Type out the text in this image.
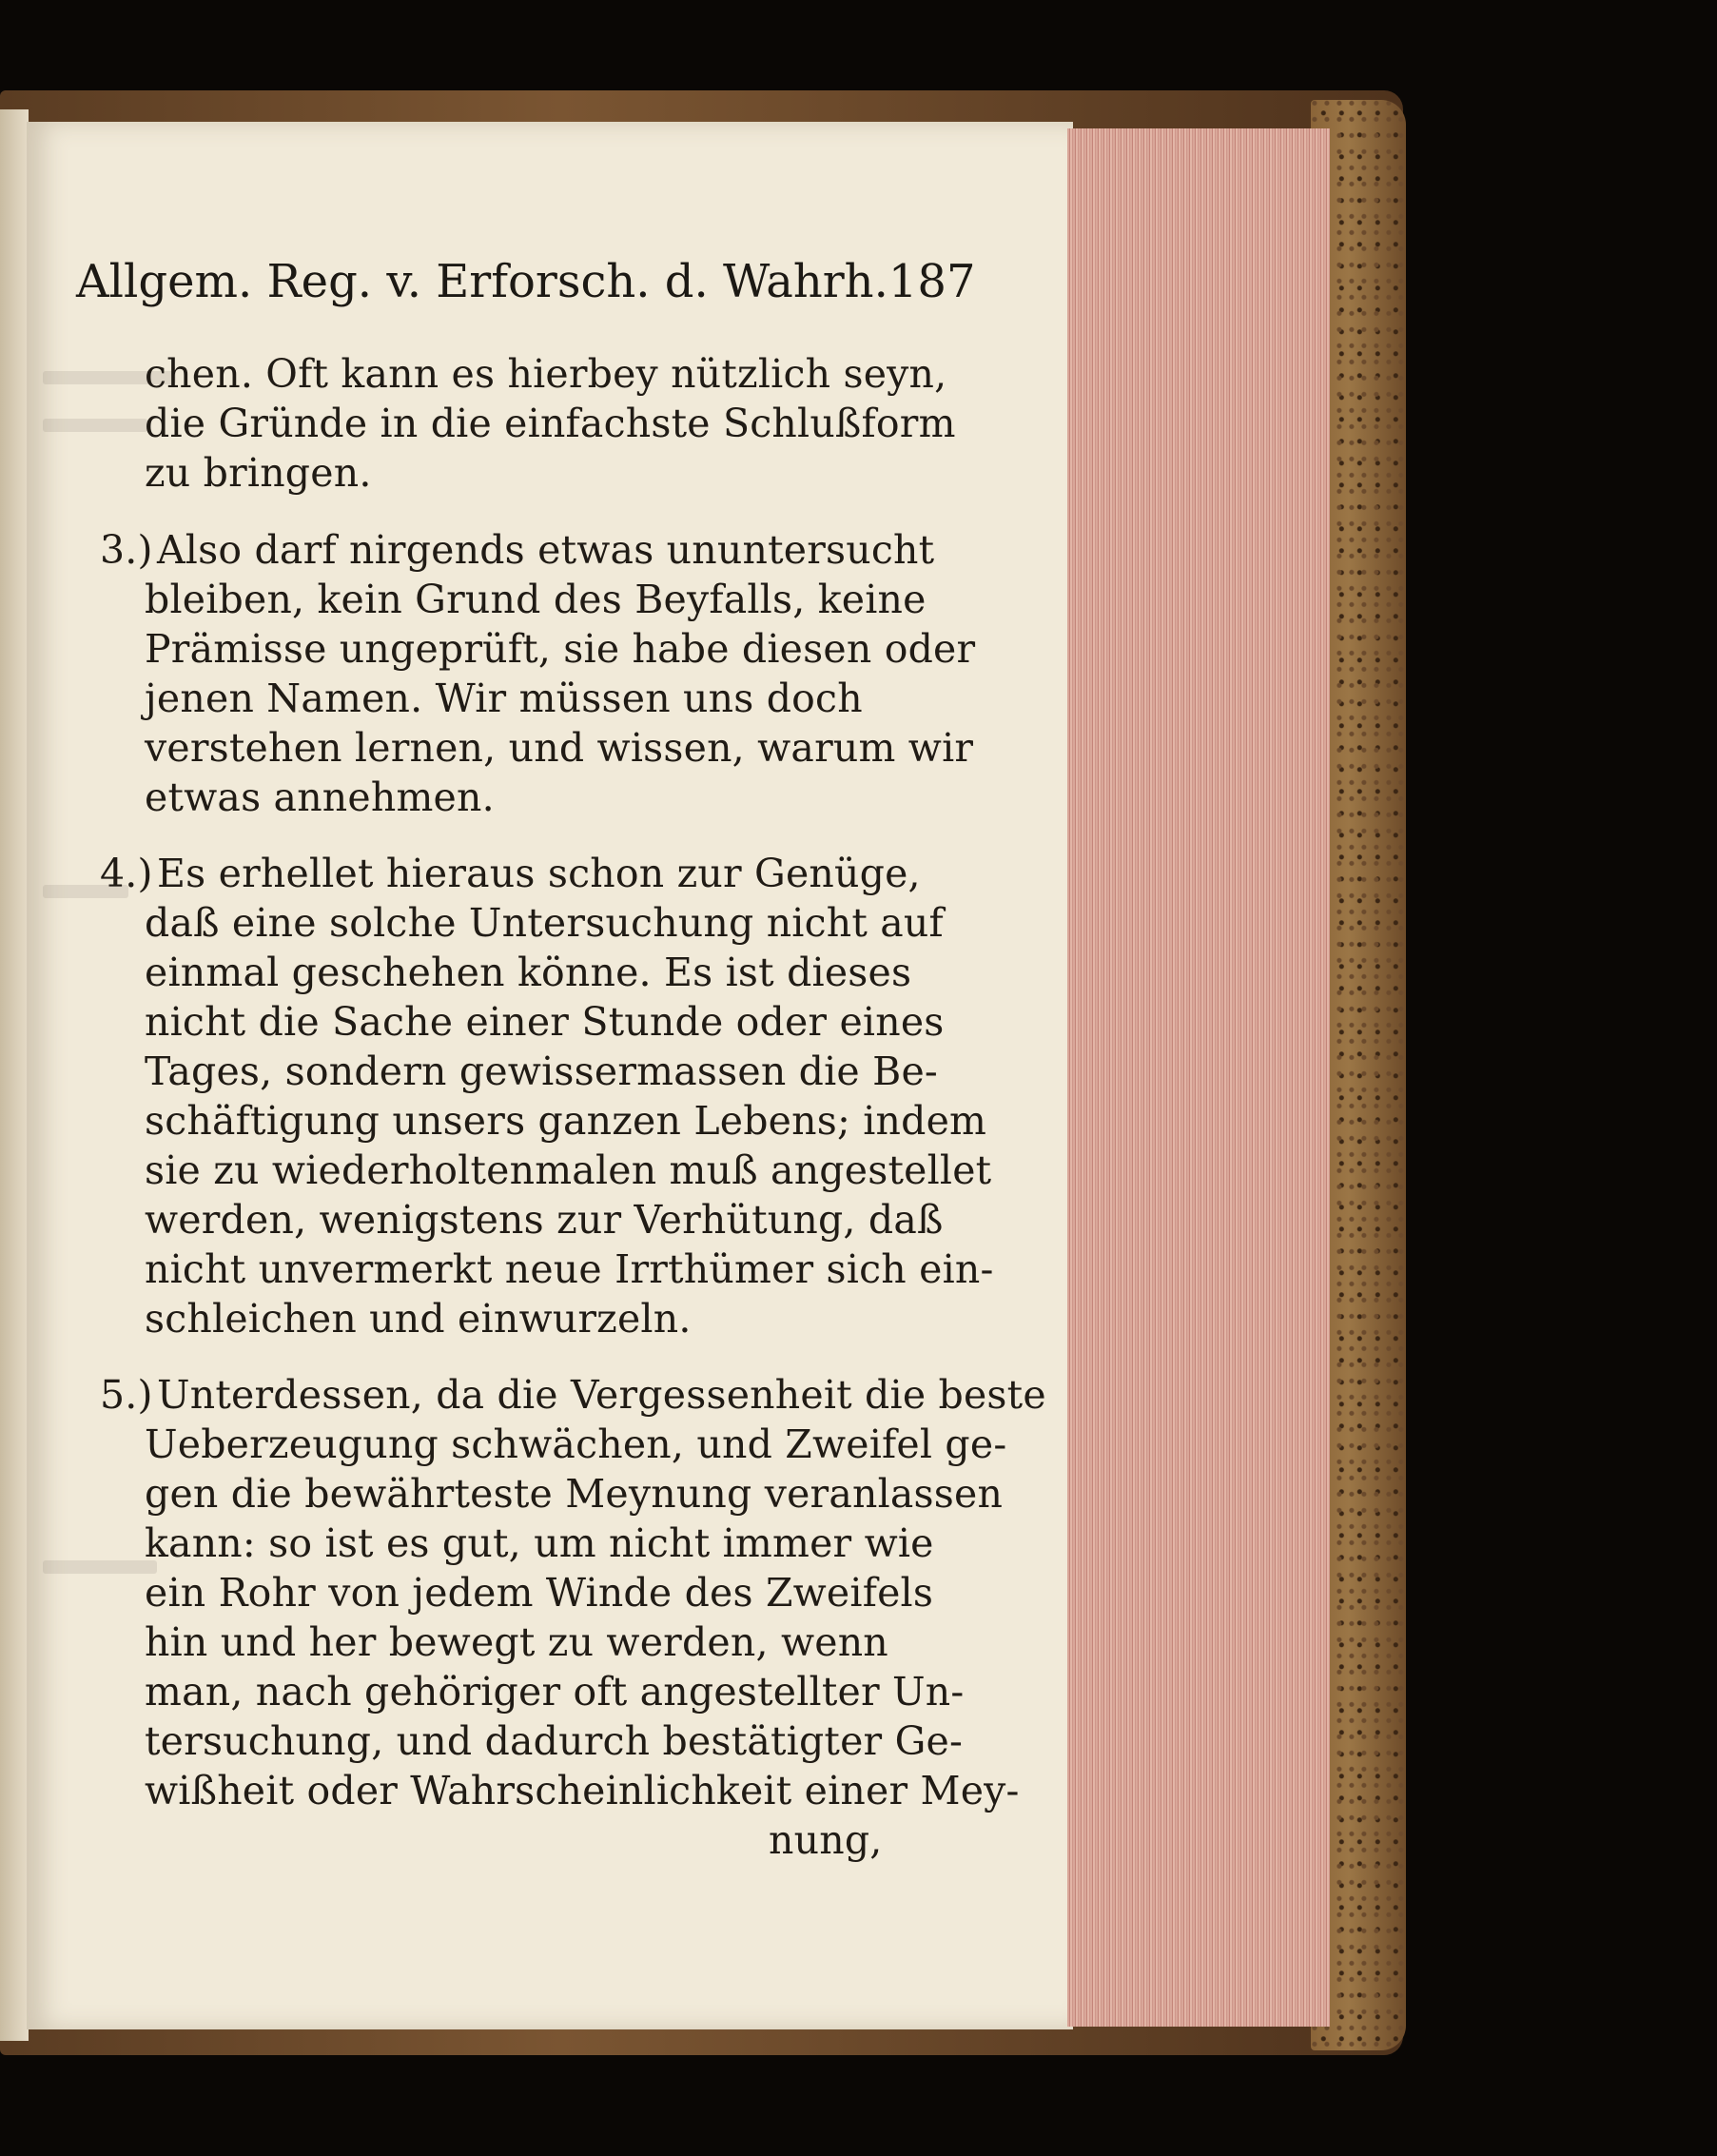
Allgem. Reg. v. Erforsch. d. Wahrh. 187
chen. Oft kann es hierbey nützlich seyn,
die Gründe in die einfachste Schlußform
zu bringen.
3.) Also darf nirgends etwas ununtersucht
bleiben, kein Grund des Beyfalls, keine
Prämisse ungeprüft, sie habe diesen oder
jenen Namen. Wir müssen uns doch
verstehen lernen, und wissen, warum wir
etwas annehmen.
4.) Es erhellet hieraus schon zur Genüge,
daß eine solche Untersuchung nicht auf
einmal geschehen könne. Es ist dieses
nicht die Sache einer Stunde oder eines
Tages, sondern gewissermassen die Be-
schäftigung unsers ganzen Lebens; indem
sie zu wiederholtenmalen muß angestellet
werden, wenigstens zur Verhütung, daß
nicht unvermerkt neue Irrthümer sich ein-
schleichen und einwurzeln.
5.) Unterdessen, da die Vergessenheit die beste
Ueberzeugung schwächen, und Zweifel ge-
gen die bewährteste Meynung veranlassen
kann: so ist es gut, um nicht immer wie
ein Rohr von jedem Winde des Zweifels
hin und her bewegt zu werden, wenn
man, nach gehöriger oft angestellter Un-
tersuchung, und dadurch bestätigter Ge-
wißheit oder Wahrscheinlichkeit einer Mey-
nung,
